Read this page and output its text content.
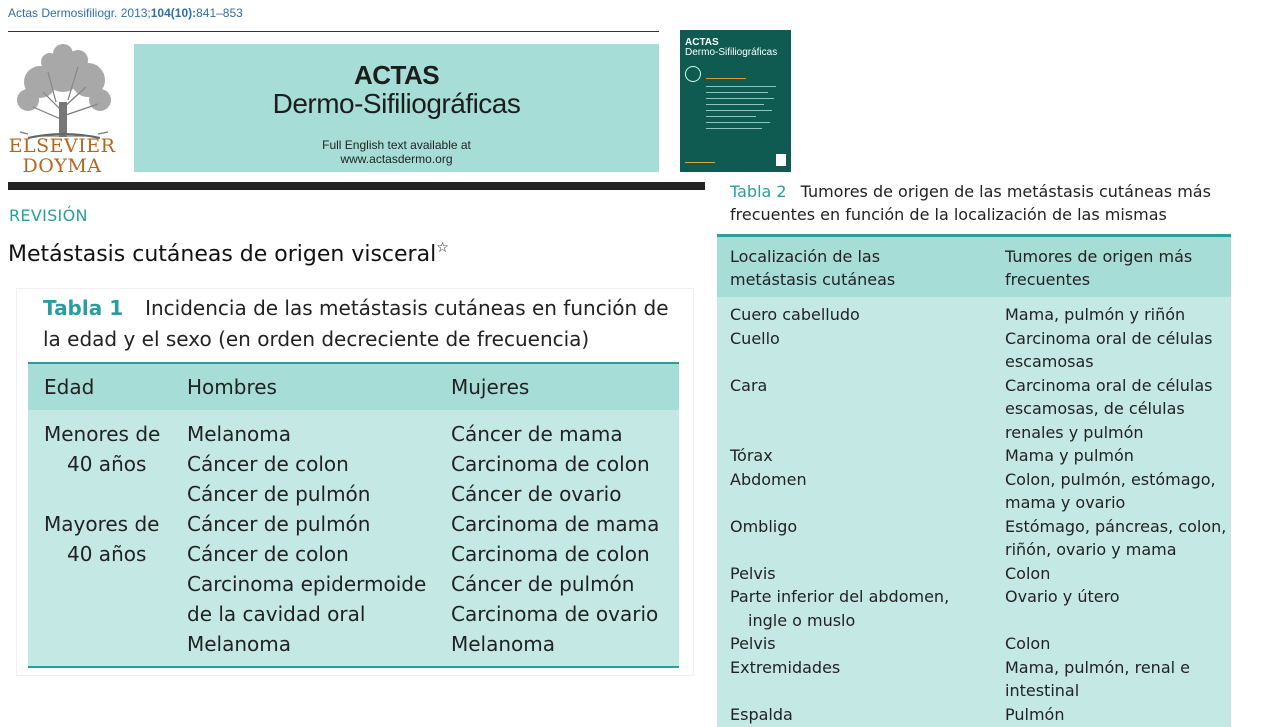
Actas Dermosifiliogr. 2013;104(10):841–853
ELSEVIER
DOYMA
ACTAS
Dermo-Sifiliográficas
Full English text available at
www.actasdermo.org
ACTAS
Dermo-Sifiliográficas
REVISIÓN
Metástasis cutáneas de origen visceral☆
Tabla 1 Incidencia de las metástasis cutáneas en función de la edad y el sexo (en orden decreciente de frecuencia)
Edad	Hombres	Mujeres
Menores de
40 años
Melanoma
Cáncer de colon
Cáncer de pulmón
Cáncer de mama
Carcinoma de colon
Cáncer de ovario
Mayores de
40 años
Cáncer de pulmón
Cáncer de colon
Carcinoma epidermoide
de la cavidad oral
Melanoma
Carcinoma de mama
Carcinoma de colon
Cáncer de pulmón
Carcinoma de ovario
Melanoma
Tabla 2 Tumores de origen de las metástasis cutáneas más
frecuentes en función de la localización de las mismas
Localización de las
metástasis cutáneas
Tumores de origen más
frecuentes
Cuero cabelludo
Cuello

Cara

Tórax
Abdomen

Ombligo

Pelvis
Parte inferior del abdomen,
ingle o muslo
Pelvis
Extremidades

Espalda
Mama, pulmón y riñón
Carcinoma oral de células
escamosas
Carcinoma oral de células
escamosas, de células
renales y pulmón
Mama y pulmón
Colon, pulmón, estómago,
mama y ovario
Estómago, páncreas, colon,
riñón, ovario y mama
Colon
Ovario y útero

Colon
Mama, pulmón, renal e
intestinal
Pulmón
